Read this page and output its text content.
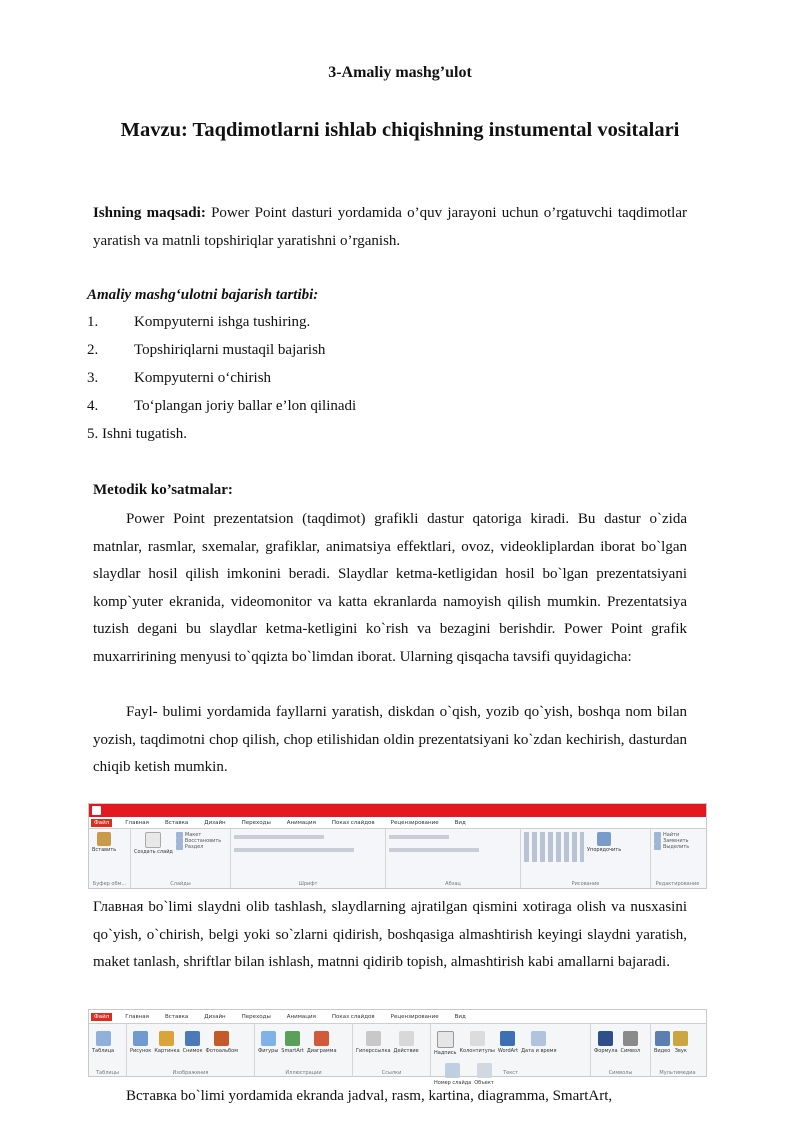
3-Amaliy mashg’ulot
Mavzu: Taqdimotlarni ishlab chiqishning instumental vositalari

Ishning maqsadi: Power Point dasturi yordamida o’quv jarayoni uchun o’rgatuvchi taqdimotlar yaratish va matnli topshiriqlar yaratishni o’rganish.

Amaliy mashg‘ulotni bajarish tartibi:
1. Kompyuterni ishga tushiring.
2. Topshiriqlarni mustaqil bajarish
3. Kompyuterni o‘chirish
4. To‘plangan joriy ballar e’lon qilinadi
5. Ishni tugatish.
Metodik ko’satmalar:

Power Point prezentatsion (taqdimot) grafikli dastur qatoriga kiradi. Bu dastur o`zida matnlar, rasmlar, sxemalar, grafiklar, animatsiya effektlari, ovoz, videokliplardan iborat bo`lgan slaydlar hosil qilish imkonini beradi. Slaydlar ketma-ketligidan hosil bo`lgan prezentatsiyani komp`yuter ekranida, videomonitor va katta ekranlarda namoyish qilish mumkin. Prezentatsiya tuzish degani bu slaydlar ketma-ketligini ko`rish va bezagini berishdir. Power Point grafik muxarririning menyusi to`qqizta bo`limdan iborat. Ularning qisqacha tavsifi quyidagicha:

Fayl- bulimi yordamida fayllarni yaratish, diskdan o`qish, yozib qo`yish, boshqa nom bilan yozish, taqdimotni chop qilish, chop etilishidan oldin prezentatsiyani ko`zdan kechirish, dasturdan chiqib ketish mumkin.

Файл	Главная	Вставка	Дизайн	Переходы	Анимация	Показ слайдов	Рецензирование	Вид
Вставить
Буфер обм...
Создать слайд
Макет
Восстановить
Раздел
Слайды	Шрифт	Абзац
Упорядочить
Рисование
Найти
Заменить
Выделить
Редактирование

Главная bo`limi slaydni olib tashlash, slaydlarning ajratilgan qismini xotiraga olish va nusxasini qo`yish, o`chirish, belgi yoki so`zlarni qidirish, boshqasiga almashtirish keyingi slaydni yaratish, maket tanlash, shriftlar bilan ishlash, matnni qidirib topish, almashtirish kabi amallarni bajaradi.

Файл	Главная	Вставка	Дизайн	Переходы	Анимация	Показ слайдов	Рецензирование	Вид
Таблица
Таблицы
Рисунок Картинка Снимок Фотоальбом
Изображения
Фигуры SmartArt Диаграмма
Иллюстрации
Гиперссылка Действие
Ссылки
Надпись Колонтитулы WordArt Дата и время
Номер слайда Объект
Текст
Формула Символ
Символы
Видео Звук
Мультимедиа

Вставка bo`limi yordamida ekranda jadval, rasm, kartina, diagramma, SmartArt,
